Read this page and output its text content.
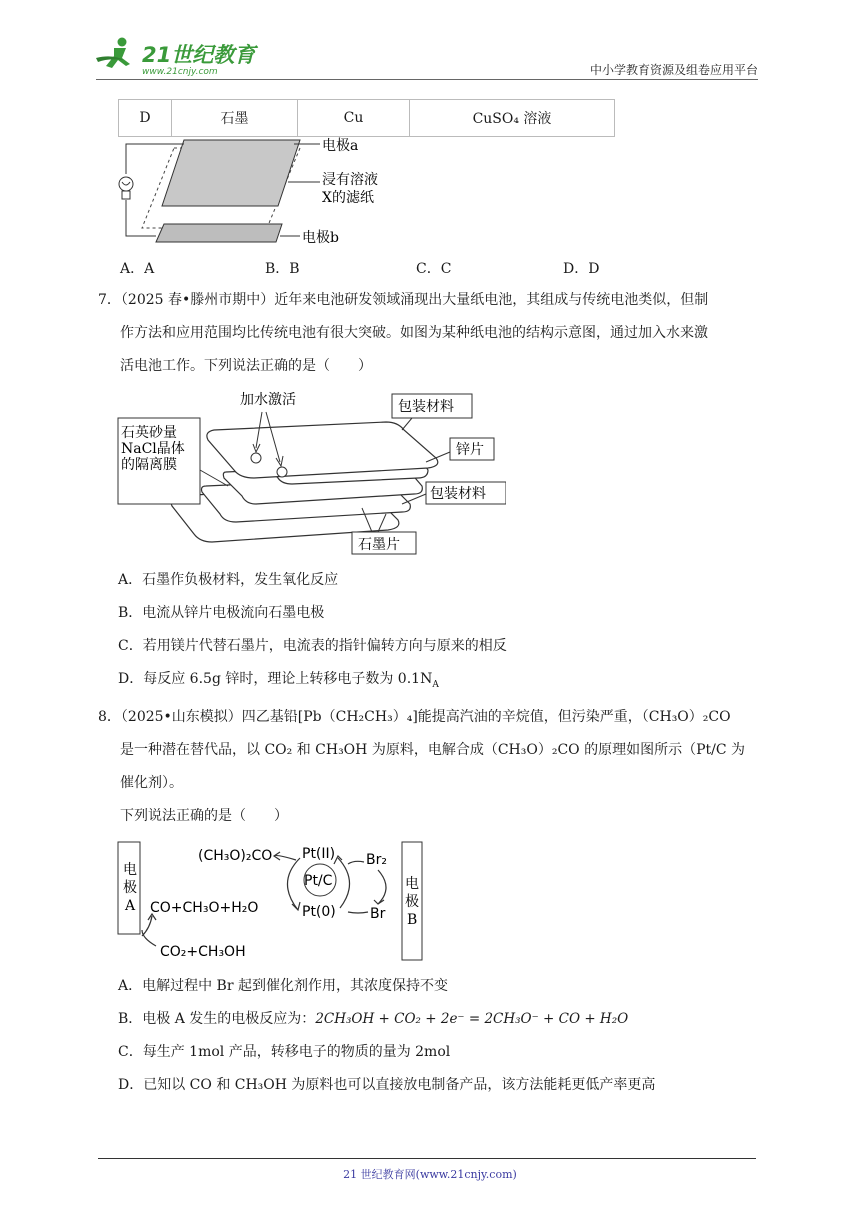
21世纪教育
www.21cnjy.com	中小学教育资源及组卷应用平台
D	石墨	Cu	CuSO₄ 溶液
电极a
浸有溶液
X的滤纸
电极b
A．A	B．B	C．C	D．D

7．（2025 春•滕州市期中）近年来电池研发领域涌现出大量纸电池，其组成与传统电池类似，但制

作方法和应用范围均比传统电池有很大突破。如图为某种纸电池的结构示意图，通过加入水来激

活电池工作。下列说法正确的是（　　）

加水激活	包装材料
锌片
包装材料
石墨片
石英砂量
NaCl晶体
的隔离膜

A．石墨作负极材料，发生氧化反应

B．电流从锌片电极流向石墨电极

C．若用镁片代替石墨片，电流表的指针偏转方向与原来的相反

D．每反应 6.5g 锌时，理论上转移电子数为 $0.1N_A$

8．（2025•山东模拟）四乙基铅[Pb（CH₂CH₃）₄]能提高汽油的辛烷值，但污染严重，（CH₃O）₂CO

是一种潜在替代品，以 CO₂ 和 CH₃OH 为原料，电解合成（CH₃O）₂CO 的原理如图所示（Pt/C 为

催化剂）。

下列说法正确的是（　　）

电
极
A
电
极
B
(CH₃O)₂CO
CO+CH₃O+H₂O
CO₂+CH₃OH
Pt(II)
Pt/C
Pt(0)
Br₂
Br

A．电解过程中 Br 起到催化剂作用，其浓度保持不变

B．电极 A 发生的电极反应为：2CH₃OH + CO₂ + 2e⁻ = 2CH₃O⁻ + CO + H₂O

C．每生产 1mol 产品，转移电子的物质的量为 2mol

D．已知以 CO 和 CH₃OH 为原料也可以直接放电制备产品，该方法能耗更低产率更高

21 世纪教育网(www.21cnjy.com)
